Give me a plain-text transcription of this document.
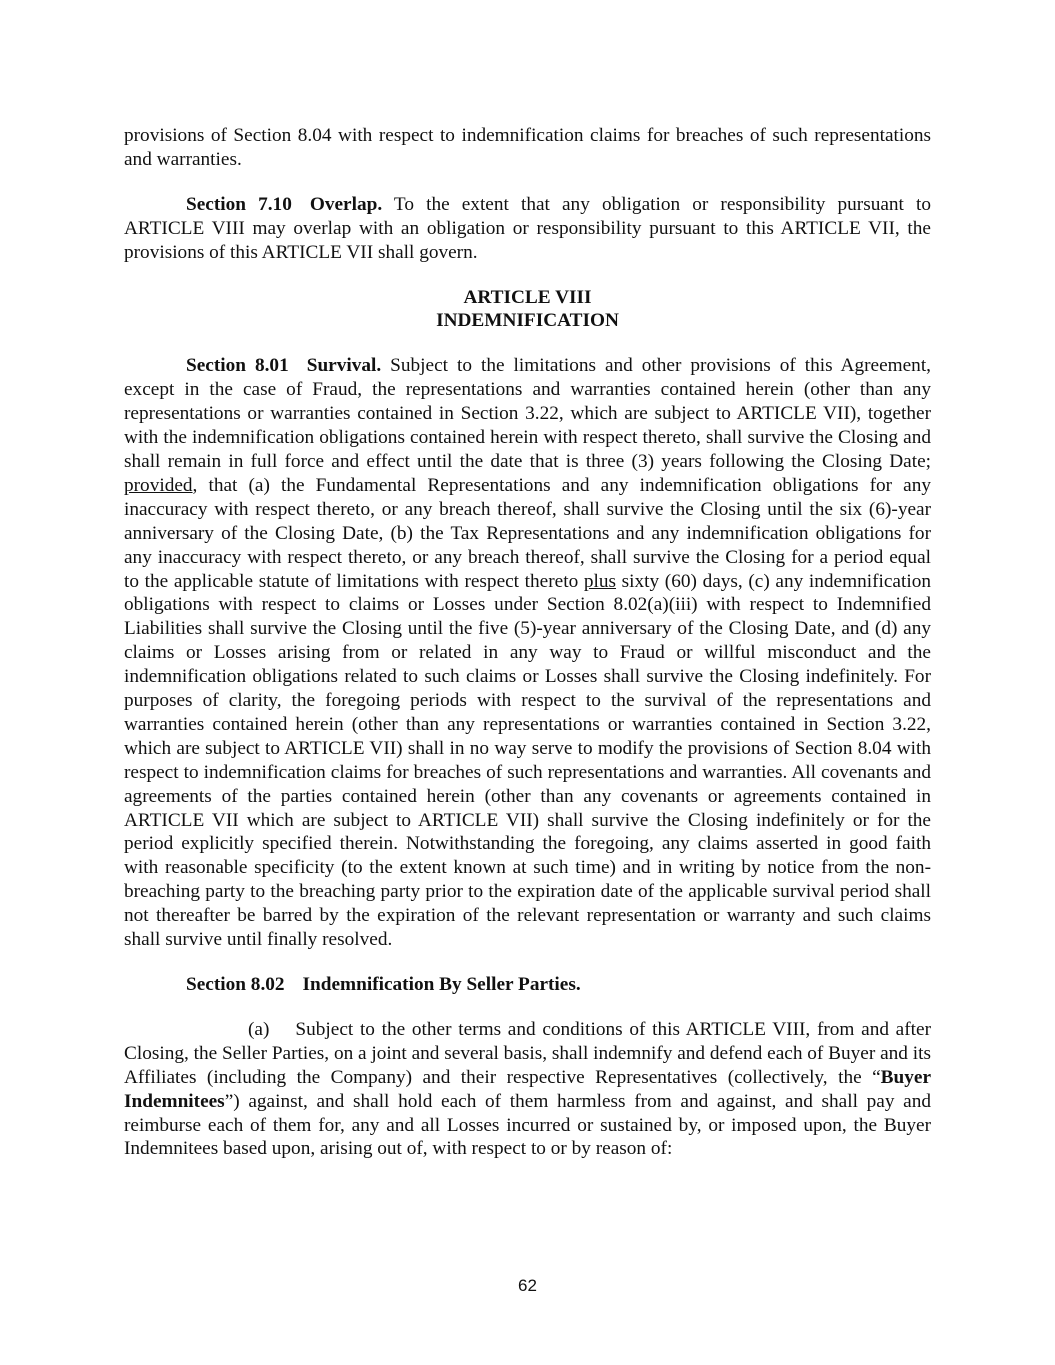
provisions of Section 8.04 with respect to indemnification claims for breaches of such representations and warranties.

Section 7.10 Overlap. To the extent that any obligation or responsibility pursuant to ARTICLE VIII may overlap with an obligation or responsibility pursuant to this ARTICLE VII, the provisions of this ARTICLE VII shall govern.

ARTICLE VIII
INDEMNIFICATION

Section 8.01 Survival. Subject to the limitations and other provisions of this Agreement, except in the case of Fraud, the representations and warranties contained herein (other than any representations or warranties contained in Section 3.22, which are subject to ARTICLE VII), together with the indemnification obligations contained herein with respect thereto, shall survive the Closing and shall remain in full force and effect until the date that is three (3) years following the Closing Date; provided, that (a) the Fundamental Representations and any indemnification obligations for any inaccuracy with respect thereto, or any breach thereof, shall survive the Closing until the six (6)-year anniversary of the Closing Date, (b) the Tax Representations and any indemnification obligations for any inaccuracy with respect thereto, or any breach thereof, shall survive the Closing for a period equal to the applicable statute of limitations with respect thereto plus sixty (60) days, (c) any indemnification obligations with respect to claims or Losses under Section 8.02(a)(iii) with respect to Indemnified Liabilities shall survive the Closing until the five (5)-year anniversary of the Closing Date, and (d) any claims or Losses arising from or related in any way to Fraud or willful misconduct and the indemnification obligations related to such claims or Losses shall survive the Closing indefinitely. For purposes of clarity, the foregoing periods with respect to the survival of the representations and warranties contained herein (other than any representations or warranties contained in Section 3.22, which are subject to ARTICLE VII) shall in no way serve to modify the provisions of Section 8.04 with respect to indemnification claims for breaches of such representations and warranties. All covenants and agreements of the parties contained herein (other than any covenants or agreements contained in ARTICLE VII which are subject to ARTICLE VII) shall survive the Closing indefinitely or for the period explicitly specified therein. Notwithstanding the foregoing, any claims asserted in good faith with reasonable specificity (to the extent known at such time) and in writing by notice from the non-breaching party to the breaching party prior to the expiration date of the applicable survival period shall not thereafter be barred by the expiration of the relevant representation or warranty and such claims shall survive until finally resolved.

Section 8.02 Indemnification By Seller Parties.

(a) Subject to the other terms and conditions of this ARTICLE VIII, from and after Closing, the Seller Parties, on a joint and several basis, shall indemnify and defend each of Buyer and its Affiliates (including the Company) and their respective Representatives (collectively, the “Buyer Indemnitees”) against, and shall hold each of them harmless from and against, and shall pay and reimburse each of them for, any and all Losses incurred or sustained by, or imposed upon, the Buyer Indemnitees based upon, arising out of, with respect to or by reason of:

62
